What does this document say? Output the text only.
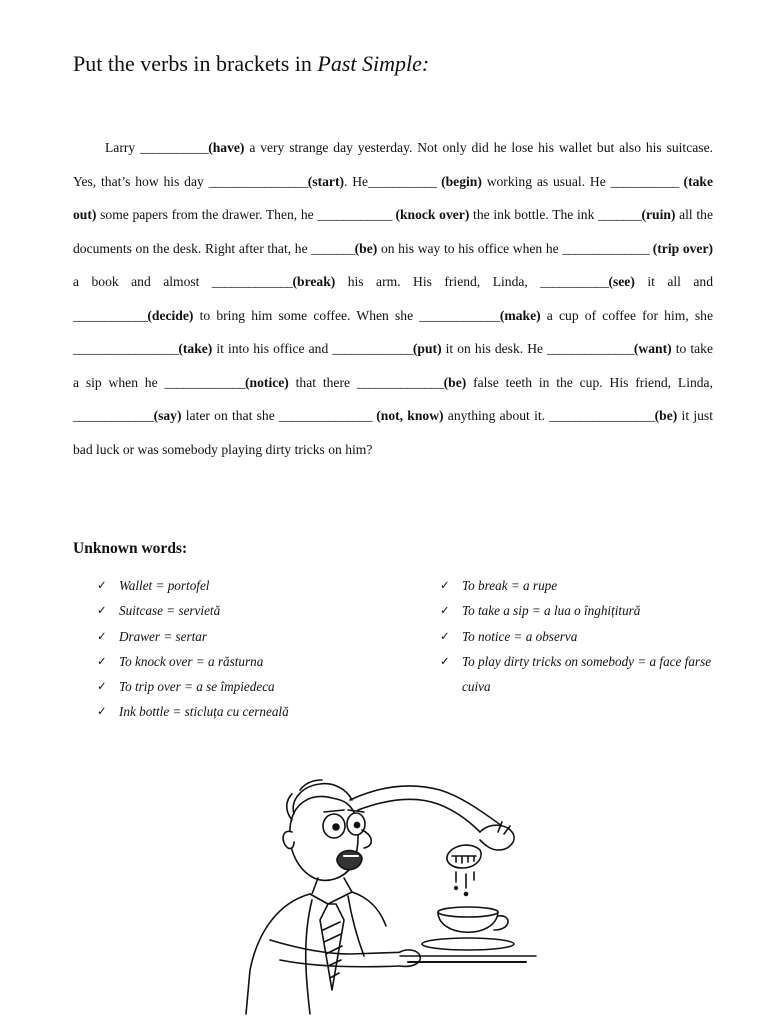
Put the verbs in brackets in Past Simple:

Larry ___________(have) a very strange day yesterday. Not only did he lose his wallet but also his suitcase. Yes, that’s how his day ________________(start). He___________ (begin) working as usual. He ___________ (take out) some papers from the drawer. Then, he ____________ (knock over) the ink bottle. The ink _______(ruin) all the documents on the desk. Right after that, he _______(be) on his way to his office when he ______________ (trip over) a book and almost _____________(break) his arm. His friend, Linda, ___________(see) it all and ____________(decide) to bring him some coffee. When she _____________(make) a cup of coffee for him, she _________________(take) it into his office and _____________(put) it on his desk. He ______________(want) to take a sip when he _____________(notice) that there ______________(be) false teeth in the cup. His friend, Linda, _____________(say) later on that she _______________ (not, know) anything about it. _________________(be) it just bad luck or was somebody playing dirty tricks on him?

Unknown words:
✓ Wallet = portofel
✓ Suitcase = servietă
✓ Drawer = sertar
✓ To knock over = a răsturna
✓ To trip over = a se împiedeca
✓ Ink bottle = sticluța cu cerneală
✓ To break = a rupe
✓ To take a sip = a lua o înghițitură
✓ To notice = a observa
✓ To play dirty tricks on somebody = a face farse cuiva
